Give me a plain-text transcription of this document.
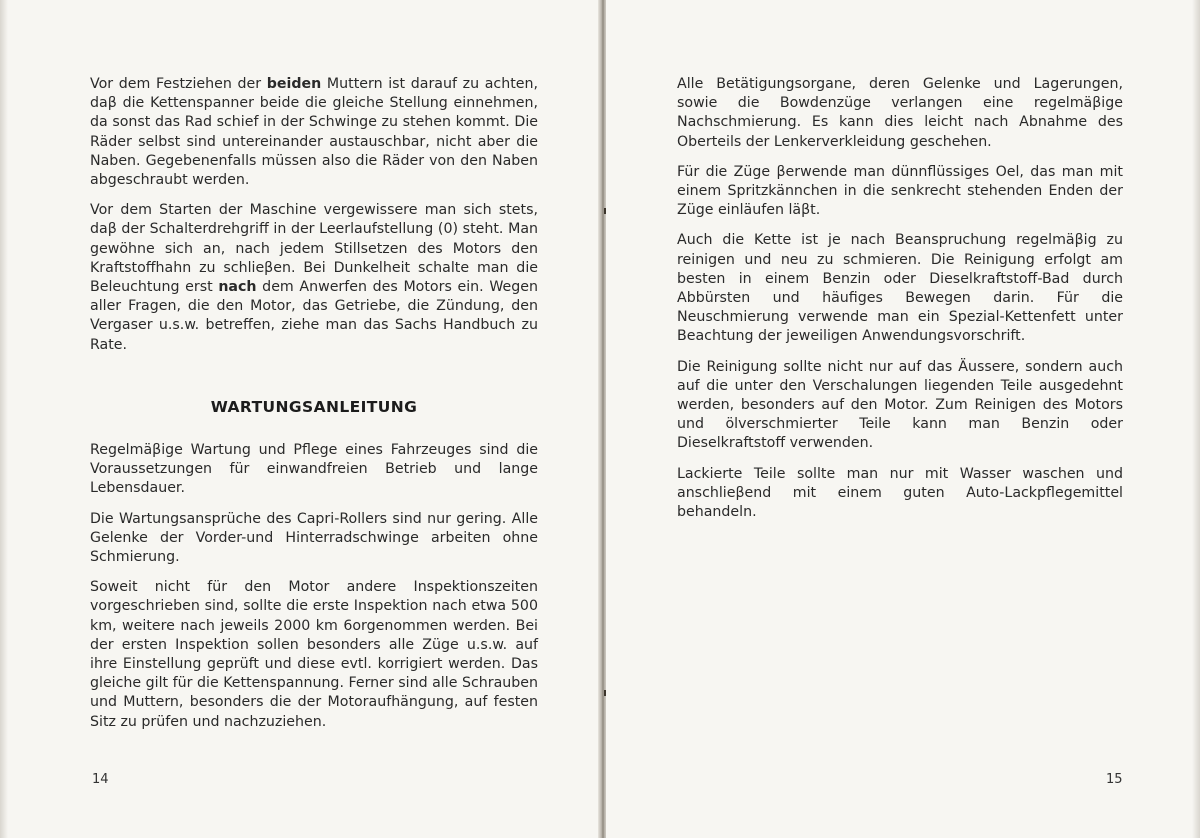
Vor dem Festziehen der beiden Muttern ist darauf zu achten, daβ die Kettenspanner beide die gleiche Stellung einnehmen, da sonst das Rad schief in der Schwinge zu stehen kommt. Die Räder selbst sind untereinander austauschbar, nicht aber die Naben. Gegebenenfalls müssen also die Räder von den Naben abgeschraubt werden.

Vor dem Starten der Maschine vergewissere man sich stets, daβ der Schalterdrehgriff in der Leerlaufstellung (0) steht. Man gewöhne sich an, nach jedem Stillsetzen des Motors den Kraftstoffhahn zu schlieβen. Bei Dunkelheit schalte man die Beleuchtung erst nach dem Anwerfen des Motors ein. Wegen aller Fragen, die den Motor, das Getriebe, die Zündung, den Vergaser u.s.w. betreffen, ziehe man das Sachs Handbuch zu Rate.

WARTUNGSANLEITUNG

Regelmäβige Wartung und Pflege eines Fahrzeuges sind die Voraussetzungen für einwandfreien Betrieb und lange Lebensdauer.

Die Wartungsansprüche des Capri-Rollers sind nur gering. Alle Gelenke der Vorder-und Hinterradschwinge arbeiten ohne Schmierung.

Soweit nicht für den Motor andere Inspektionszeiten vorgeschrieben sind, sollte die erste Inspektion nach etwa 500 km, weitere nach jeweils 2000 km 6orgenommen werden. Bei der ersten Inspektion sollen besonders alle Züge u.s.w. auf ihre Einstellung geprüft und diese evtl. korrigiert werden. Das gleiche gilt für die Kettenspannung. Ferner sind alle Schrauben und Muttern, besonders die der Motoraufhängung, auf festen Sitz zu prüfen und nachzuziehen.

14

Alle Betätigungsorgane, deren Gelenke und Lagerungen, sowie die Bowdenzüge verlangen eine regelmäβige Nachschmierung. Es kann dies leicht nach Abnahme des Oberteils der Lenkerverkleidung geschehen.

Für die Züge βerwende man dünnflüssiges Oel, das man mit einem Spritzkännchen in die senkrecht stehenden Enden der Züge einläufen läβt.

Auch die Kette ist je nach Beanspruchung regelmäβig zu reinigen und neu zu schmieren. Die Reinigung erfolgt am besten in einem Benzin oder Dieselkraftstoff-Bad durch Abbürsten und häufiges Bewegen darin. Für die Neuschmierung verwende man ein Spezial-Kettenfett unter Beachtung der jeweiligen Anwendungsvorschrift.

Die Reinigung sollte nicht nur auf das Äussere, sondern auch auf die unter den Verschalungen liegenden Teile ausgedehnt werden, besonders auf den Motor. Zum Reinigen des Motors und ölverschmierter Teile kann man Benzin oder Dieselkraftstoff verwenden.

Lackierte Teile sollte man nur mit Wasser waschen und anschlieβend mit einem guten Auto-Lackpflegemittel behandeln.

15
